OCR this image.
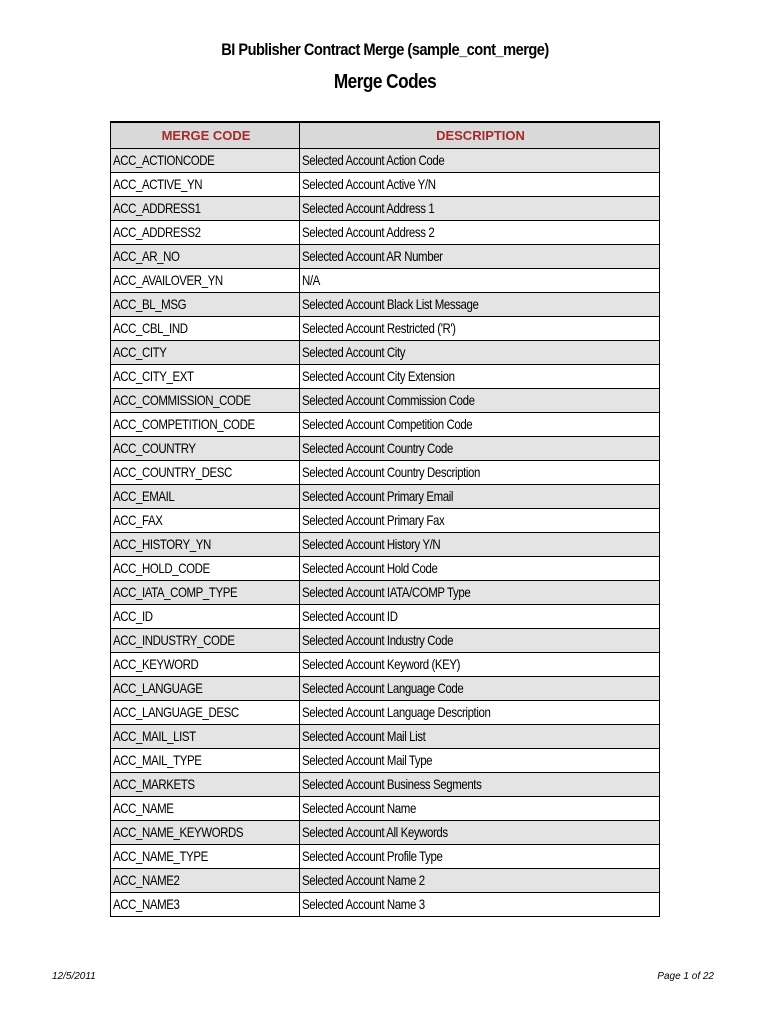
BI Publisher Contract Merge (sample_cont_merge)
Merge Codes
MERGE CODE	DESCRIPTION
ACC_ACTIONCODE	Selected Account Action Code
ACC_ACTIVE_YN	Selected Account Active Y/N
ACC_ADDRESS1	Selected Account Address 1
ACC_ADDRESS2	Selected Account Address 2
ACC_AR_NO	Selected Account AR Number
ACC_AVAILOVER_YN	N/A
ACC_BL_MSG	Selected Account Black List Message
ACC_CBL_IND	Selected Account Restricted ('R')
ACC_CITY	Selected Account City
ACC_CITY_EXT	Selected Account City Extension
ACC_COMMISSION_CODE	Selected Account Commission Code
ACC_COMPETITION_CODE	Selected Account Competition Code
ACC_COUNTRY	Selected Account Country Code
ACC_COUNTRY_DESC	Selected Account Country Description
ACC_EMAIL	Selected Account Primary Email
ACC_FAX	Selected Account Primary Fax
ACC_HISTORY_YN	Selected Account History Y/N
ACC_HOLD_CODE	Selected Account Hold Code
ACC_IATA_COMP_TYPE	Selected Account IATA/COMP Type
ACC_ID	Selected Account ID
ACC_INDUSTRY_CODE	Selected Account Industry Code
ACC_KEYWORD	Selected Account Keyword (KEY)
ACC_LANGUAGE	Selected Account Language Code
ACC_LANGUAGE_DESC	Selected Account Language Description
ACC_MAIL_LIST	Selected Account Mail List
ACC_MAIL_TYPE	Selected Account Mail Type
ACC_MARKETS	Selected Account Business Segments
ACC_NAME	Selected Account Name
ACC_NAME_KEYWORDS	Selected Account All Keywords
ACC_NAME_TYPE	Selected Account Profile Type
ACC_NAME2	Selected Account Name 2
ACC_NAME3	Selected Account Name 3
12/5/2011	Page 1 of 22
